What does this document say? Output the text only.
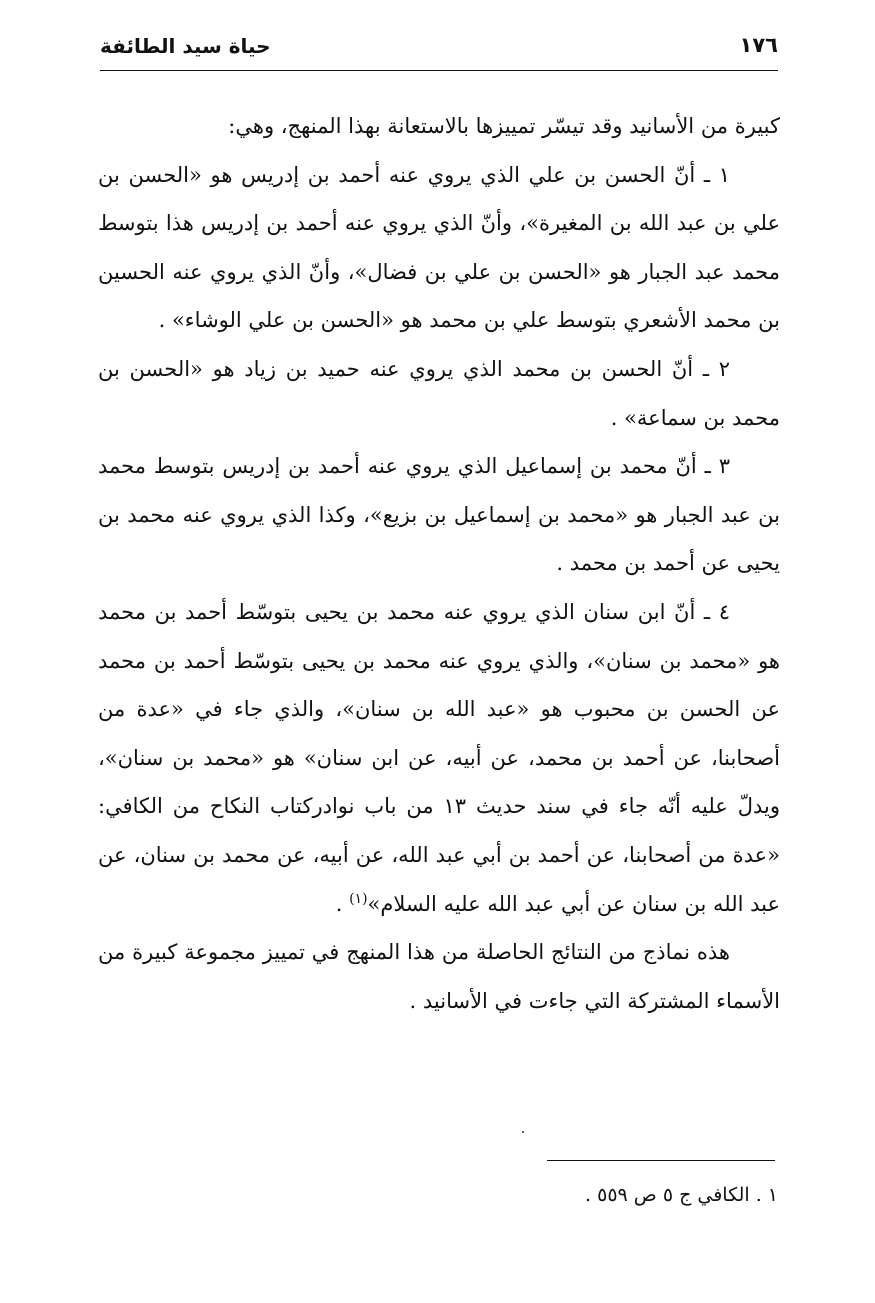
حياة سيد الطائفة	١٧٦

كبيرة من الأسانيد وقد تيسّر تمييزها بالاستعانة بهذا المنهج، وهي:

١ ـ أنّ الحسن بن علي الذي يروي عنه أحمد بن إدريس هو «الحسن بن علي بن عبد الله بن المغيرة»، وأنّ الذي يروي عنه أحمد بن إدريس هذا بتوسط محمد عبد الجبار هو «الحسن بن علي بن فضال»، وأنّ الذي يروي عنه الحسين بن محمد الأشعري بتوسط علي بن محمد هو «الحسن بن علي الوشاء» .

٢ ـ أنّ الحسن بن محمد الذي يروي عنه حميد بن زياد هو «الحسن بن محمد بن سماعة» .

٣ ـ أنّ محمد بن إسماعيل الذي يروي عنه أحمد بن إدريس بتوسط محمد بن عبد الجبار هو «محمد بن إسماعيل بن بزيع»، وكذا الذي يروي عنه محمد بن يحيى عن أحمد بن محمد .

٤ ـ أنّ ابن سنان الذي يروي عنه محمد بن يحيى بتوسّط أحمد بن محمد هو «محمد بن سنان»، والذي يروي عنه محمد بن يحيى بتوسّط أحمد بن محمد عن الحسن بن محبوب هو «عبد الله بن سنان»، والذي جاء في «عدة من أصحابنا، عن أحمد بن محمد، عن أبيه، عن ابن سنان» هو «محمد بن سنان»، ويدلّ عليه أنّه جاء في سند حديث ١٣ من باب نوادركتاب النكاح من الكافي: «عدة من أصحابنا، عن أحمد بن أبي عبد الله، عن أبيه، عن محمد بن سنان، عن عبد الله بن سنان عن أبي عبد الله عليه السلام»$^{(١)}$ .

هذه نماذج من النتائج الحاصلة من هذا المنهج في تمييز مجموعة كبيرة من الأسماء المشتركة التي جاءت في الأسانيد .

١ . الكافي ج ٥ ص ٥٥٩ .
